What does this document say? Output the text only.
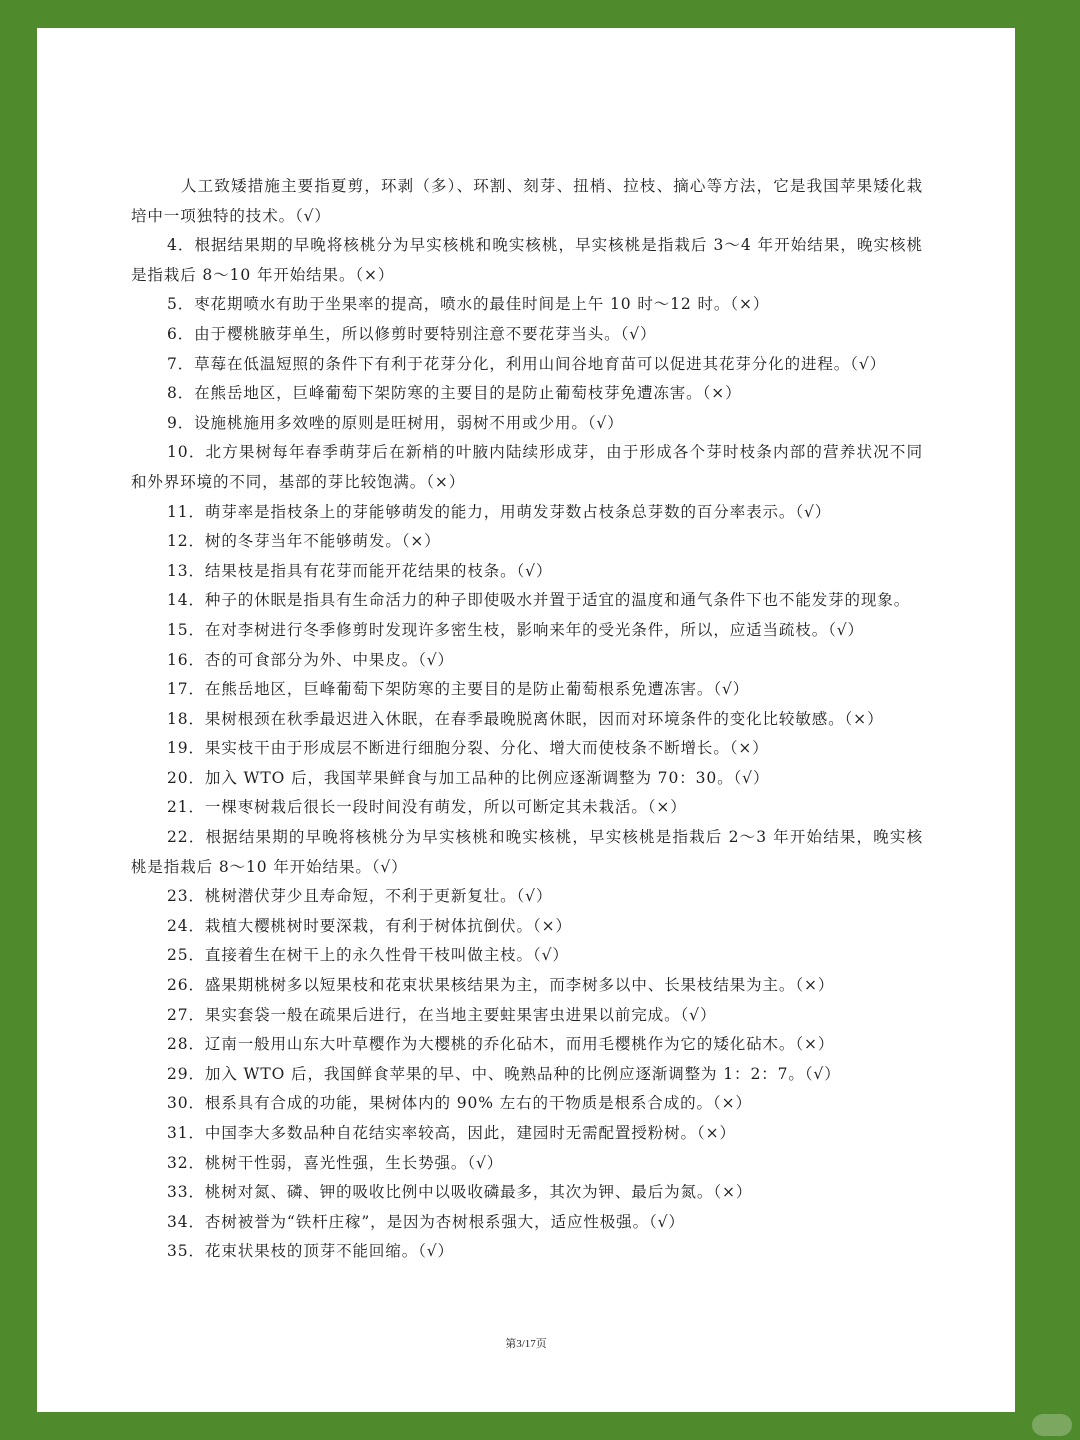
人工致矮措施主要指夏剪，环剥（多）、环割、刻芽、扭梢、拉枝、摘心等方法，它是我国苹果矮化栽培中一项独特的技术。（√）

4．根据结果期的早晚将核桃分为早实核桃和晚实核桃，早实核桃是指栽后 3～4 年开始结果，晚实核桃是指栽后 8～10 年开始结果。（×）

5．枣花期喷水有助于坐果率的提高，喷水的最佳时间是上午 10 时～12 时。（×）

6．由于樱桃腋芽单生，所以修剪时要特别注意不要花芽当头。（√）

7．草莓在低温短照的条件下有利于花芽分化，利用山间谷地育苗可以促进其花芽分化的进程。（√）

8．在熊岳地区，巨峰葡萄下架防寒的主要目的是防止葡萄枝芽免遭冻害。（×）

9．设施桃施用多效唑的原则是旺树用，弱树不用或少用。（√）

10．北方果树每年春季萌芽后在新梢的叶腋内陆续形成芽，由于形成各个芽时枝条内部的营养状况不同和外界环境的不同，基部的芽比较饱满。（×）

11．萌芽率是指枝条上的芽能够萌发的能力，用萌发芽数占枝条总芽数的百分率表示。（√）

12．树的冬芽当年不能够萌发。（×）

13．结果枝是指具有花芽而能开花结果的枝条。（√）

14．种子的休眠是指具有生命活力的种子即使吸水并置于适宜的温度和通气条件下也不能发芽的现象。

15．在对李树进行冬季修剪时发现许多密生枝，影响来年的受光条件，所以，应适当疏枝。（√）

16．杏的可食部分为外、中果皮。（√）

17．在熊岳地区，巨峰葡萄下架防寒的主要目的是防止葡萄根系免遭冻害。（√）

18．果树根颈在秋季最迟进入休眠，在春季最晚脱离休眠，因而对环境条件的变化比较敏感。（×）

19．果实枝干由于形成层不断进行细胞分裂、分化、增大而使枝条不断增长。（×）

20．加入 WTO 后，我国苹果鲜食与加工品种的比例应逐渐调整为 70：30。（√）

21．一棵枣树栽后很长一段时间没有萌发，所以可断定其未栽活。（×）

22．根据结果期的早晚将核桃分为早实核桃和晚实核桃，早实核桃是指栽后 2～3 年开始结果，晚实核桃是指栽后 8～10 年开始结果。（√）

23．桃树潜伏芽少且寿命短，不利于更新复壮。（√）

24．栽植大樱桃树时要深栽，有利于树体抗倒伏。（×）

25．直接着生在树干上的永久性骨干枝叫做主枝。（√）

26．盛果期桃树多以短果枝和花束状果核结果为主，而李树多以中、长果枝结果为主。（×）

27．果实套袋一般在疏果后进行，在当地主要蛀果害虫进果以前完成。（√）

28．辽南一般用山东大叶草樱作为大樱桃的乔化砧木，而用毛樱桃作为它的矮化砧木。（×）

29．加入 WTO 后，我国鲜食苹果的早、中、晚熟品种的比例应逐渐调整为 1：2：7。（√）

30．根系具有合成的功能，果树体内的 90% 左右的干物质是根系合成的。（×）

31．中国李大多数品种自花结实率较高，因此，建园时无需配置授粉树。（×）

32．桃树干性弱，喜光性强，生长势强。（√）

33．桃树对氮、磷、钾的吸收比例中以吸收磷最多，其次为钾、最后为氮。（×）

34．杏树被誉为“铁杆庄稼”，是因为杏树根系强大，适应性极强。（√）

35．花束状果枝的顶芽不能回缩。（√）

第3/17页
